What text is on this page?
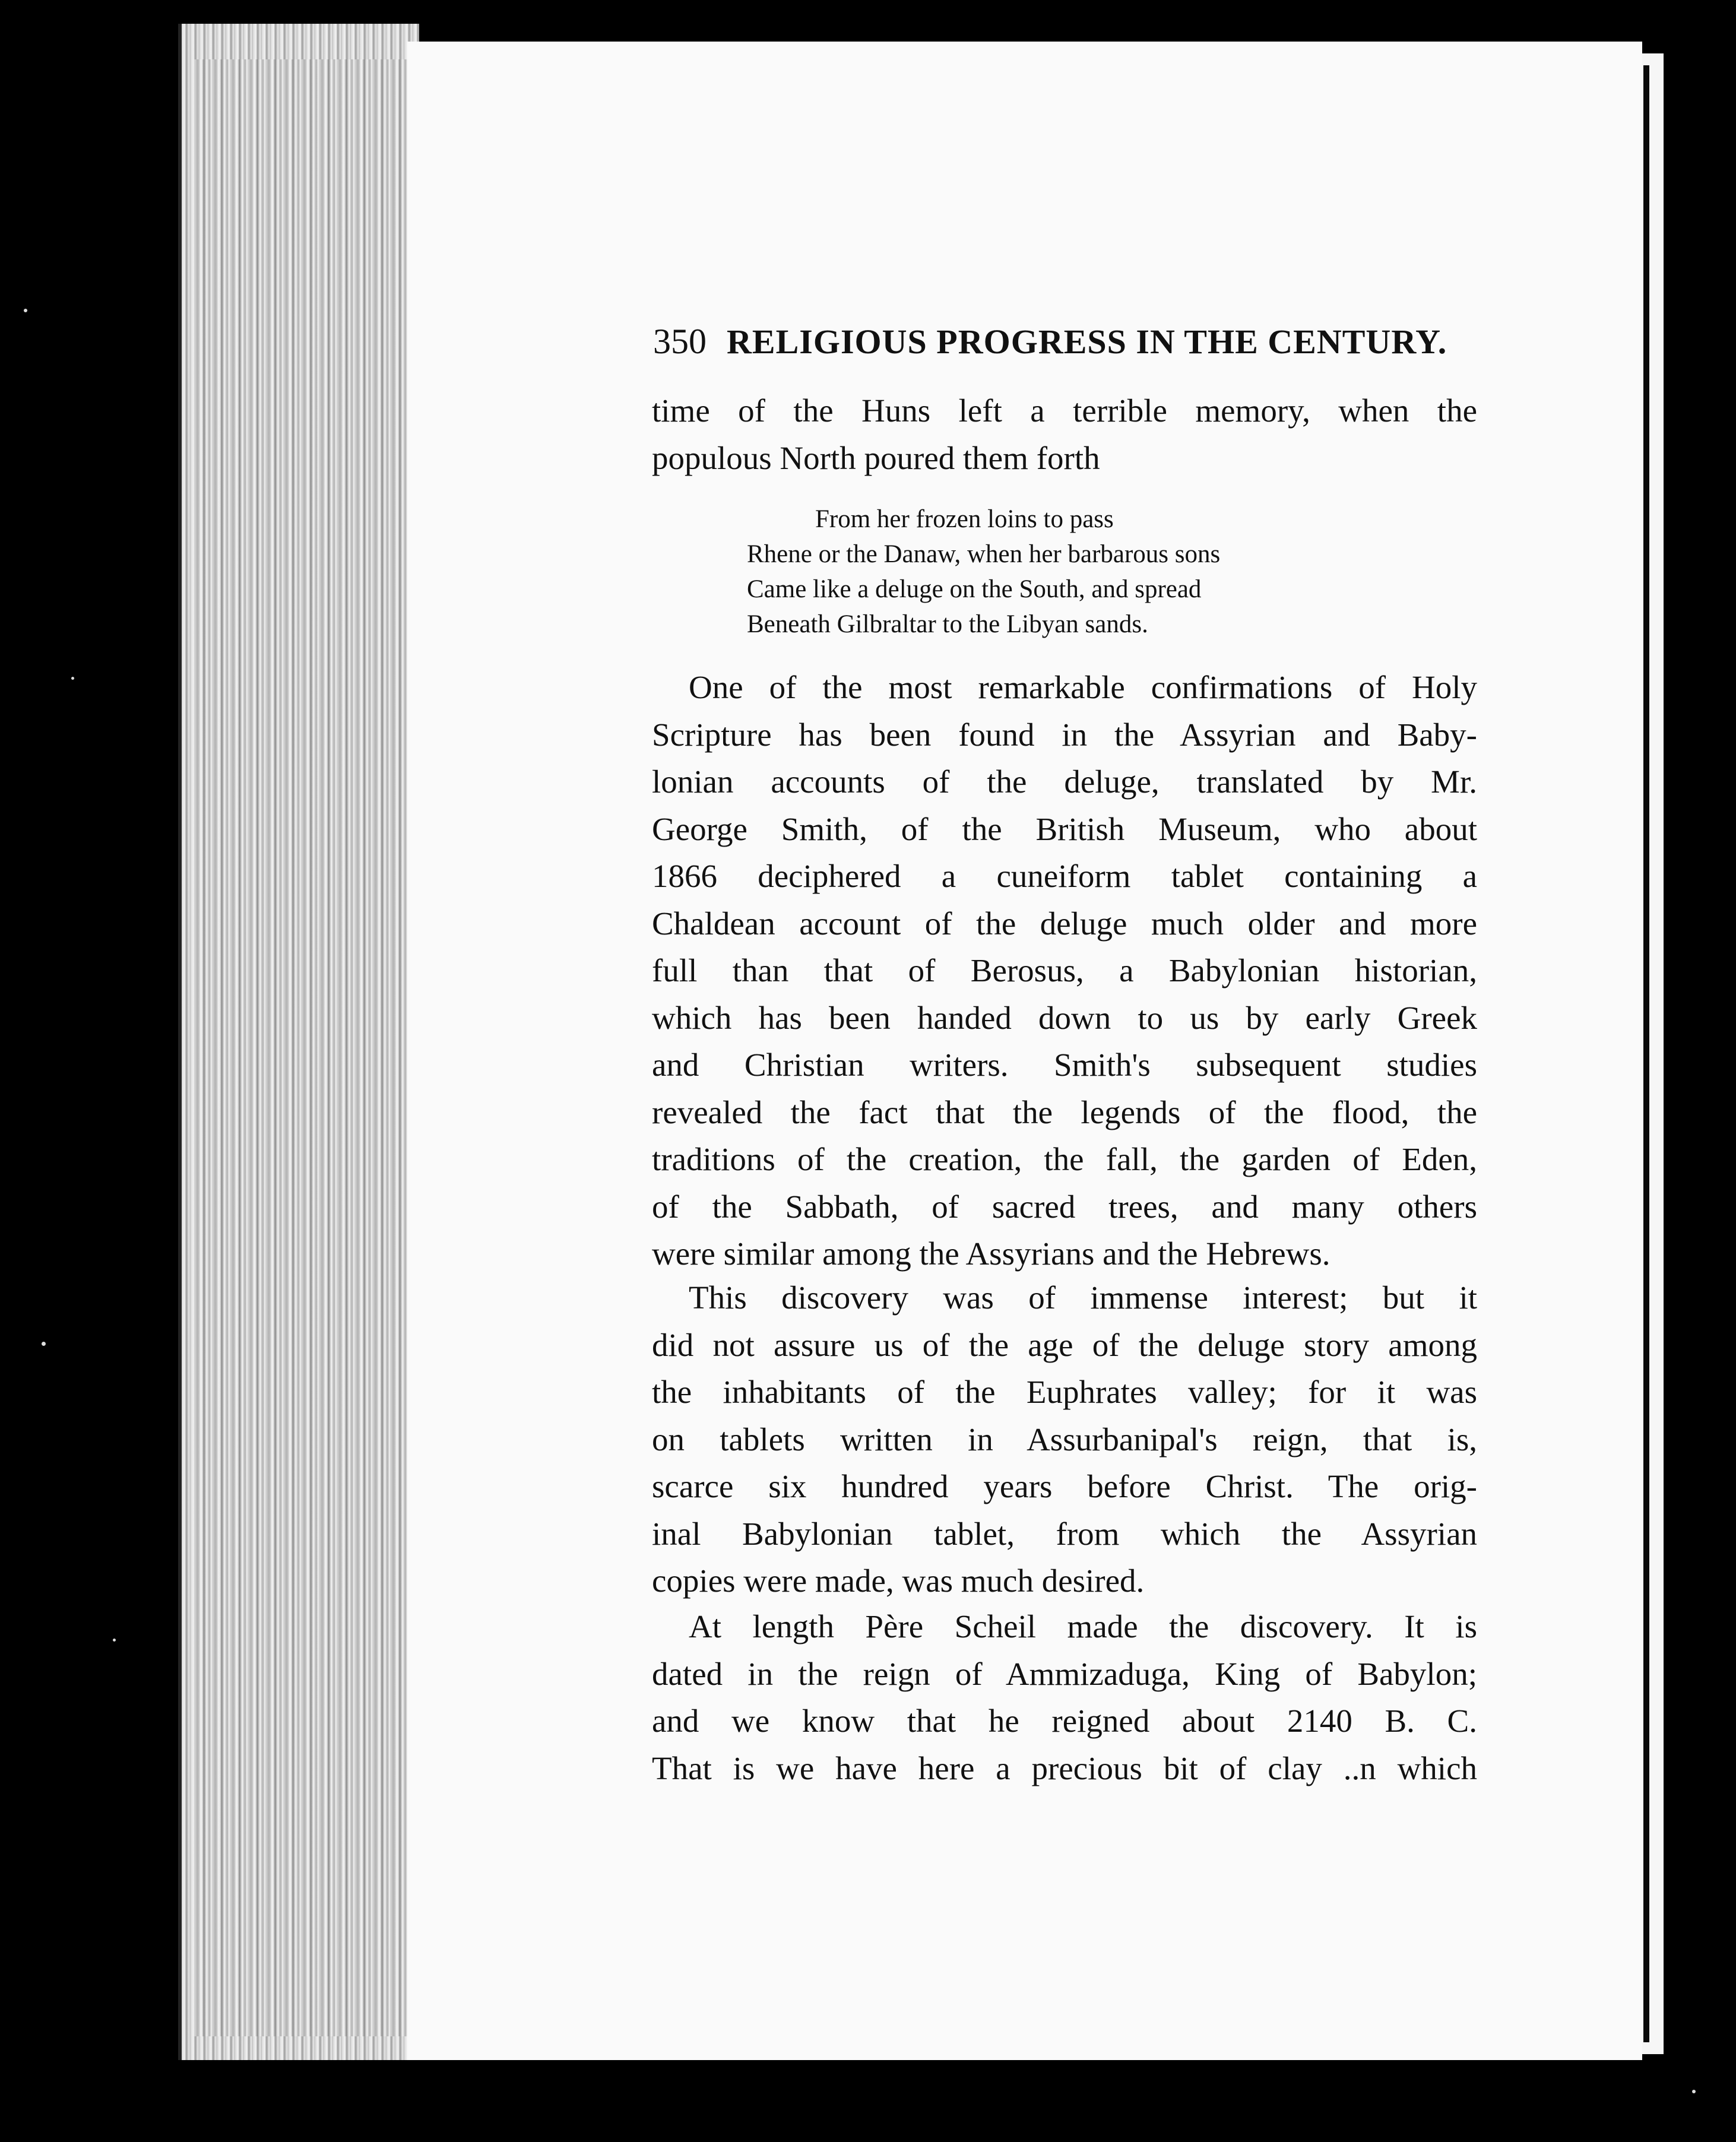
350 RELIGIOUS PROGRESS IN THE CENTURY.
time of the Huns left a terrible memory, when the
populous North poured them forth
From her frozen loins to pass
Rhene or the Danaw, when her barbarous sons
Came like a deluge on the South, and spread
Beneath Gilbraltar to the Libyan sands.
One of the most remarkable confirmations of Holy
Scripture has been found in the Assyrian and Baby-
lonian accounts of the deluge, translated by Mr.
George Smith, of the British Museum, who about
1866 deciphered a cuneiform tablet containing a
Chaldean account of the deluge much older and more
full than that of Berosus, a Babylonian historian,
which has been handed down to us by early Greek
and Christian writers. Smith's subsequent studies
revealed the fact that the legends of the flood, the
traditions of the creation, the fall, the garden of Eden,
of the Sabbath, of sacred trees, and many others
were similar among the Assyrians and the Hebrews.
This discovery was of immense interest; but it
did not assure us of the age of the deluge story among
the inhabitants of the Euphrates valley; for it was
on tablets written in Assurbanipal's reign, that is,
scarce six hundred years before Christ. The orig-
inal Babylonian tablet, from which the Assyrian
copies were made, was much desired.
At length Père Scheil made the discovery. It is
dated in the reign of Ammizaduga, King of Babylon;
and we know that he reigned about 2140 B. C.
That is we have here a precious bit of clay ..n which
